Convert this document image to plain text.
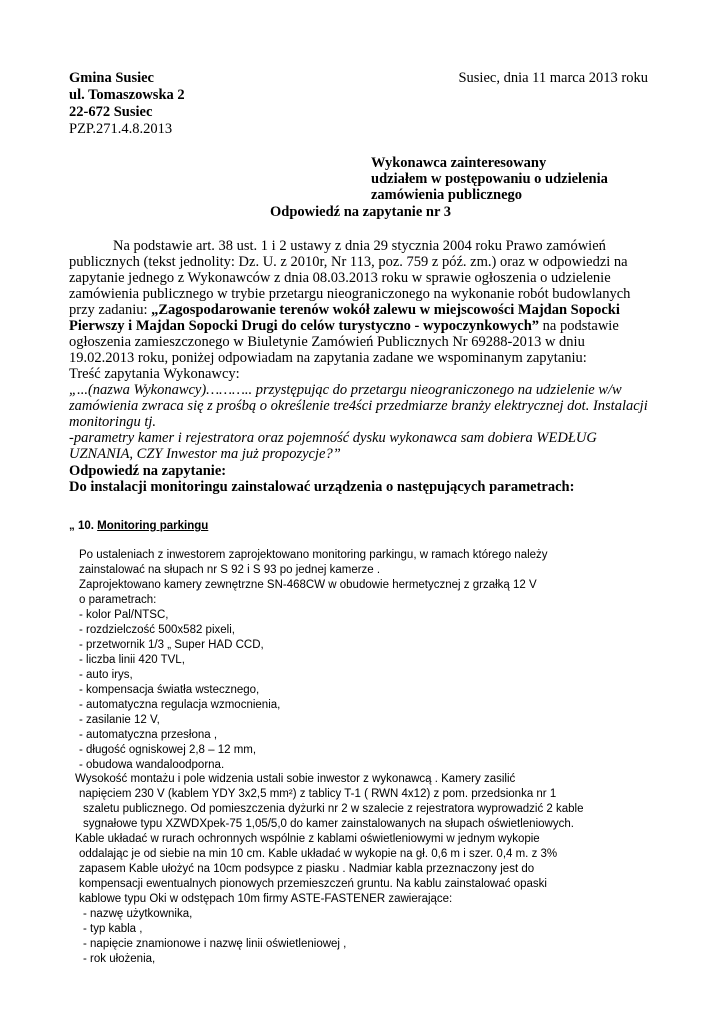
Gmina Susiec
ul. Tomaszowska 2
22-672 Susiec
PZP.271.4.8.2013
Susiec, dnia 11 marca 2013 roku
Wykonawca zainteresowany
udziałem w postępowaniu o udzielenia
zamówienia publicznego
Odpowiedź na zapytanie nr 3
Na podstawie art. 38 ust. 1 i 2 ustawy z dnia 29 stycznia 2004 roku Prawo zamówień
publicznych (tekst jednolity: Dz. U. z 2010r, Nr 113, poz. 759 z póź. zm.) oraz w odpowiedzi na
zapytanie jednego z Wykonawców z dnia 08.03.2013 roku w sprawie ogłoszenia o udzielenie
zamówienia publicznego w trybie przetargu nieograniczonego na wykonanie robót budowlanych
przy zadaniu: „Zagospodarowanie terenów wokół zalewu w miejscowości Majdan Sopocki
Pierwszy i Majdan Sopocki Drugi do celów turystyczno - wypoczynkowych” na podstawie
ogłoszenia zamieszczonego w Biuletynie Zamówień Publicznych Nr 69288-2013 w dniu
19.02.2013 roku, poniżej odpowiadam na zapytania zadane we wspominanym zapytaniu:
Treść zapytania Wykonawcy:
„...(nazwa Wykonawcy)……….. przystępując do przetargu nieograniczonego na udzielenie w/w
zamówienia zwraca się z prośbą o określenie tre4ści przedmiarze branży elektrycznej dot. Instalacji
monitoringu tj.
-parametry kamer i rejestratora oraz pojemność dysku wykonawca sam dobiera WEDŁUG
UZNANIA, CZY Inwestor ma już propozycje?”
Odpowiedź na zapytanie:
Do instalacji monitoringu zainstalować urządzenia o następujących parametrach:
„ 10. Monitoring parkingu
Po ustaleniach z inwestorem zaprojektowano monitoring parkingu, w ramach którego należy
zainstalować na słupach nr S 92 i S 93 po jednej kamerze .
Zaprojektowano kamery zewnętrzne SN-468CW w obudowie hermetycznej z grzałką 12 V
o parametrach:
- kolor Pal/NTSC,
- rozdzielczość 500x582 pixeli,
- przetwornik 1/3 „ Super HAD CCD,
- liczba linii 420 TVL,
- auto irys,
- kompensacja światła wstecznego,
- automatyczna regulacja wzmocnienia,
- zasilanie 12 V,
- automatyczna przesłona ,
- długość ogniskowej 2,8 – 12 mm,
- obudowa wandaloodporna.
Wysokość montażu i pole widzenia ustali sobie inwestor z wykonawcą . Kamery zasilić
napięciem 230 V (kablem YDY 3x2,5 mm²) z tablicy T-1 ( RWN 4x12) z pom. przedsionka nr 1
szaletu publicznego. Od pomieszczenia dyżurki nr 2 w szalecie z rejestratora wyprowadzić 2 kable
sygnałowe typu XZWDXpek-75 1,05/5,0 do kamer zainstalowanych na słupach oświetleniowych.
Kable układać w rurach ochronnych wspólnie z kablami oświetleniowymi w jednym wykopie
oddalając je od siebie na min 10 cm. Kable układać w wykopie na gł. 0,6 m i szer. 0,4 m. z 3%
zapasem Kable ułożyć na 10cm podsypce z piasku . Nadmiar kabla przeznaczony jest do
kompensacji ewentualnych pionowych przemieszczeń gruntu. Na kablu zainstalować opaski
kablowe typu Oki w odstępach 10m firmy ASTE-FASTENER zawierające:
- nazwę użytkownika,
- typ kabla ,
- napięcie znamionowe i nazwę linii oświetleniowej ,
- rok ułożenia,
